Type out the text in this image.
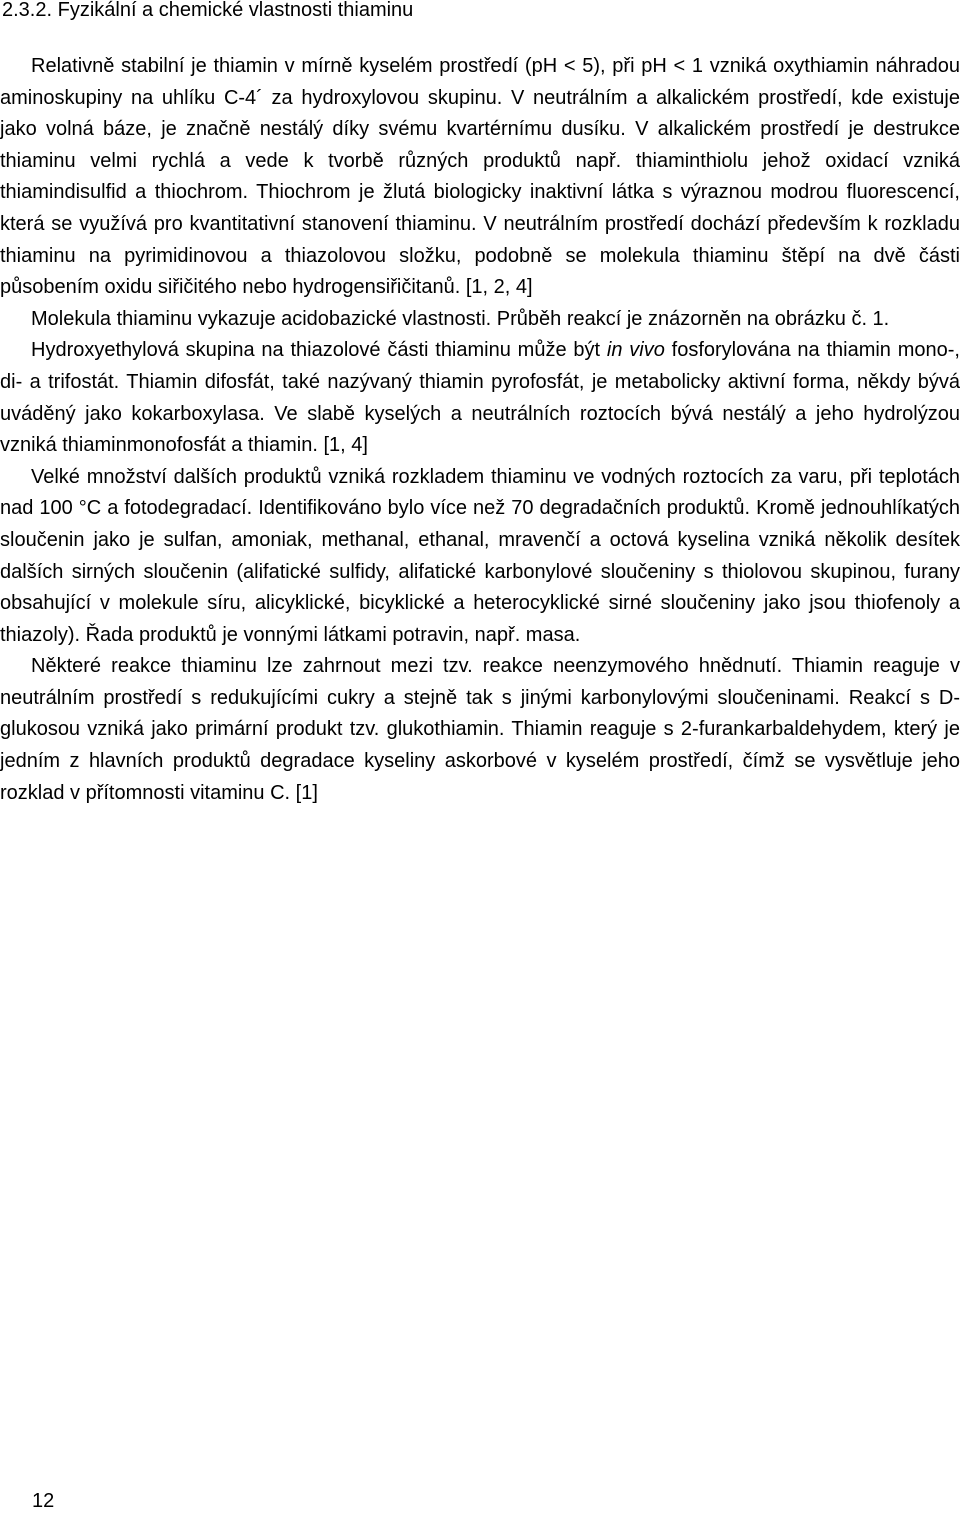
2.3.2. Fyzikální a chemické vlastnosti thiaminu

Relativně stabilní je thiamin v mírně kyselém prostředí (pH < 5), při pH < 1 vzniká oxythiamin náhradou aminoskupiny na uhlíku C-4´ za hydroxylovou skupinu. V neutrálním a alkalickém prostředí, kde existuje jako volná báze, je značně nestálý díky svému kvartérnímu dusíku. V alkalickém prostředí je destrukce thiaminu velmi rychlá a vede k tvorbě různých produktů např. thiaminthiolu jehož oxidací vzniká thiamindisulfid a thiochrom. Thiochrom je žlutá biologicky inaktivní látka s výraznou modrou fluorescencí, která se využívá pro kvantitativní stanovení thiaminu. V neutrálním prostředí dochází především k rozkladu thiaminu na pyrimidinovou a thiazolovou složku, podobně se molekula thiaminu štěpí na dvě části působením oxidu siřičitého nebo hydrogensiřičitanů. [1, 2, 4]

Molekula thiaminu vykazuje acidobazické vlastnosti. Průběh reakcí je znázorněn na obrázku č. 1.

Hydroxyethylová skupina na thiazolové části thiaminu může být in vivo fosforylována na thiamin mono-, di- a trifostát. Thiamin difosfát, také nazývaný thiamin pyrofosfát, je metabolicky aktivní forma, někdy bývá uváděný jako kokarboxylasa. Ve slabě kyselých a neutrálních roztocích bývá nestálý a jeho hydrolýzou vzniká thiaminmonofosfát a thiamin. [1, 4]

Velké množství dalších produktů vzniká rozkladem thiaminu ve vodných roztocích za varu, při teplotách nad 100 °C a fotodegradací. Identifikováno bylo více než 70 degradačních produktů. Kromě jednouhlíkatých sloučenin jako je sulfan, amoniak, methanal, ethanal, mravenčí a octová kyselina vzniká několik desítek dalších sirných sloučenin (alifatické sulfidy, alifatické karbonylové sloučeniny s thiolovou skupinou, furany obsahující v molekule síru, alicyklické, bicyklické a heterocyklické sirné sloučeniny jako jsou thiofenoly a thiazoly). Řada produktů je vonnými látkami potravin, např. masa.

Některé reakce thiaminu lze zahrnout mezi tzv. reakce neenzymového hnědnutí. Thiamin reaguje v neutrálním prostředí s redukujícími cukry a stejně tak s jinými karbonylovými sloučeninami. Reakcí s D-glukosou vzniká jako primární produkt tzv. glukothiamin. Thiamin reaguje s 2-furankarbaldehydem, který je jedním z hlavních produktů degradace kyseliny askorbové v kyselém prostředí, čímž se vysvětluje jeho rozklad v přítomnosti vitaminu C. [1]

12
